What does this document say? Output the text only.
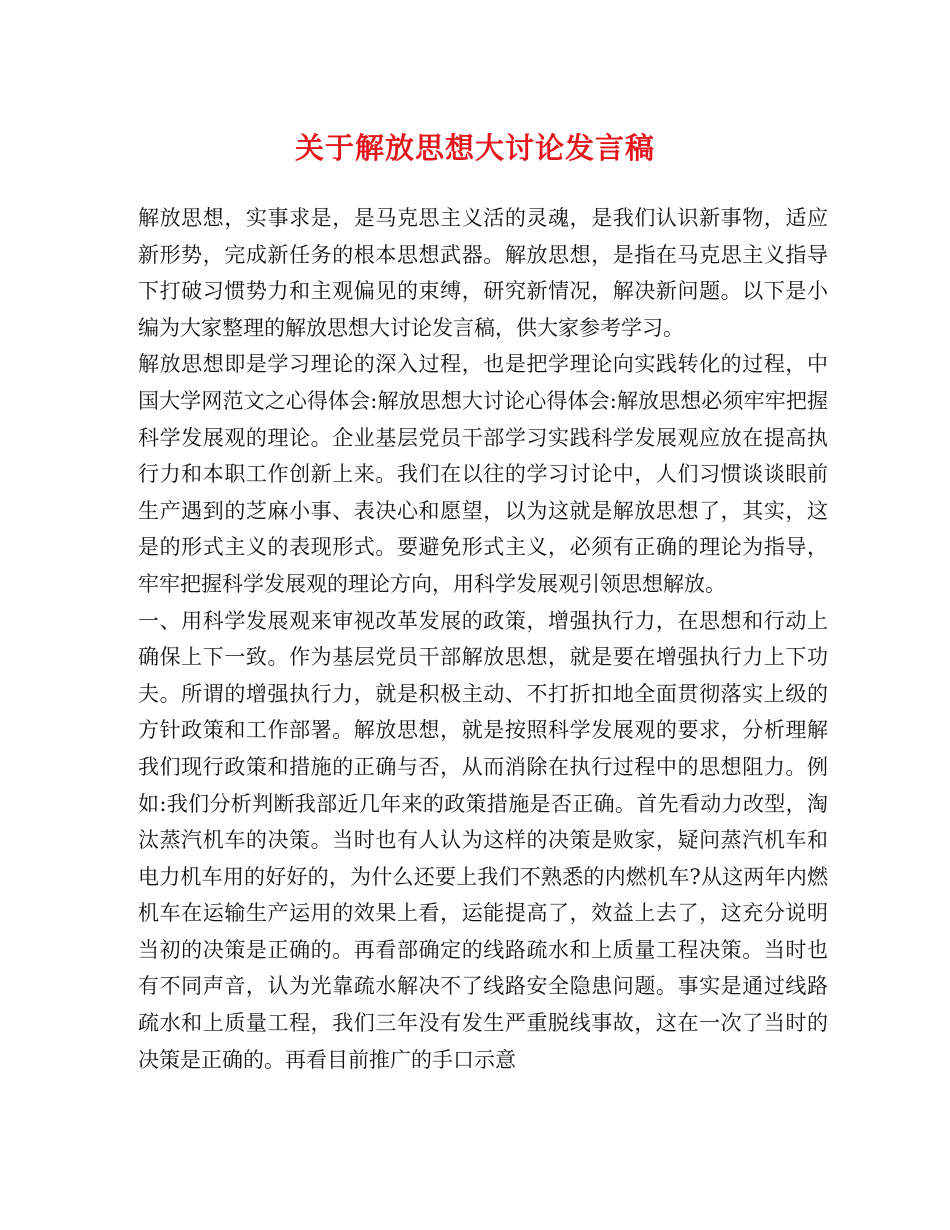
关于解放思想大讨论发言稿

解放思想，实事求是，是马克思主义活的灵魂，是我们认识新事物，适应新形势，完成新任务的根本思想武器。解放思想，是指在马克思主义指导下打破习惯势力和主观偏见的束缚，研究新情况，解决新问题。以下是小编为大家整理的解放思想大讨论发言稿，供大家参考学习。

解放思想即是学习理论的深入过程，也是把学理论向实践转化的过程，中国大学网范文之心得体会:解放思想大讨论心得体会:解放思想必须牢牢把握科学发展观的理论。企业基层党员干部学习实践科学发展观应放在提高执行力和本职工作创新上来。我们在以往的学习讨论中，人们习惯谈谈眼前生产遇到的芝麻小事、表决心和愿望，以为这就是解放思想了，其实，这是的形式主义的表现形式。要避免形式主义，必须有正确的理论为指导，牢牢把握科学发展观的理论方向，用科学发展观引领思想解放。

一、用科学发展观来审视改革发展的政策，增强执行力，在思想和行动上确保上下一致。作为基层党员干部解放思想，就是要在增强执行力上下功夫。所谓的增强执行力，就是积极主动、不打折扣地全面贯彻落实上级的方针政策和工作部署。解放思想，就是按照科学发展观的要求，分析理解我们现行政策和措施的正确与否，从而消除在执行过程中的思想阻力。例如:我们分析判断我部近几年来的政策措施是否正确。首先看动力改型，淘汰蒸汽机车的决策。当时也有人认为这样的决策是败家，疑问蒸汽机车和电力机车用的好好的，为什么还要上我们不熟悉的内燃机车?从这两年内燃机车在运输生产运用的效果上看，运能提高了，效益上去了，这充分说明当初的决策是正确的。再看部确定的线路疏水和上质量工程决策。当时也有不同声音，认为光靠疏水解决不了线路安全隐患问题。事实是通过线路疏水和上质量工程，我们三年没有发生严重脱线事故，这在一次了当时的决策是正确的。再看目前推广的手口示意
